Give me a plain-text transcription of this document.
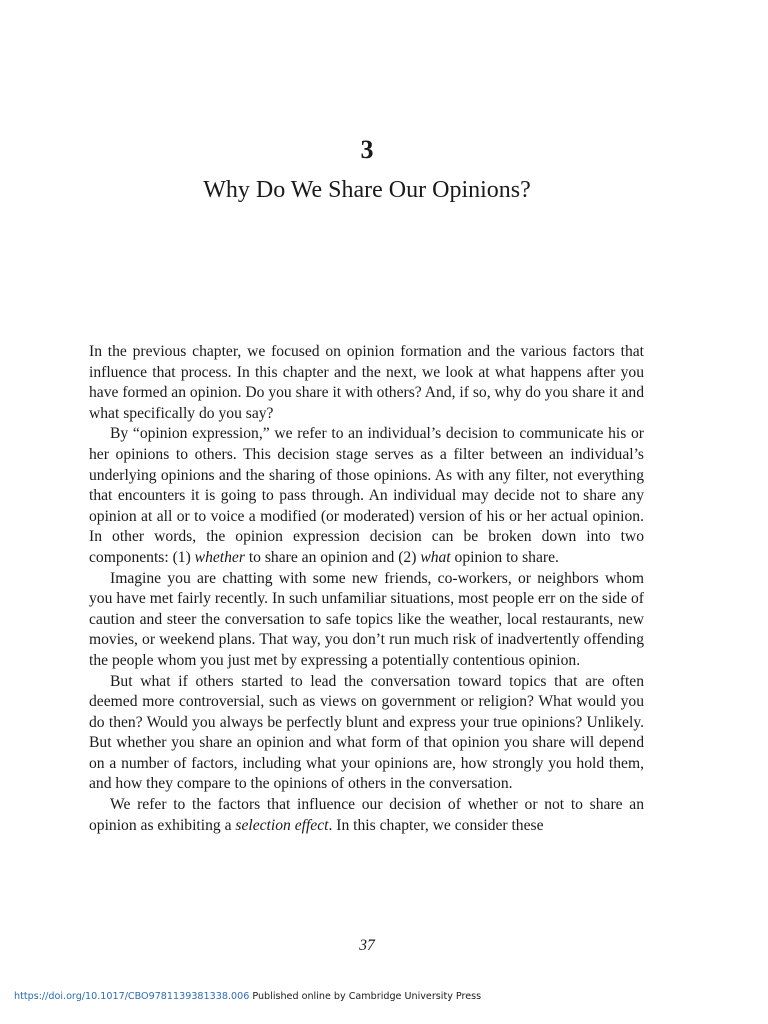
3
Why Do We Share Our Opinions?

In the previous chapter, we focused on opinion formation and the various factors that influence that process. In this chapter and the next, we look at what happens after you have formed an opinion. Do you share it with others? And, if so, why do you share it and what specifically do you say?

By “opinion expression,” we refer to an individual’s decision to communicate his or her opinions to others. This decision stage serves as a filter between an individual’s underlying opinions and the sharing of those opinions. As with any filter, not everything that encounters it is going to pass through. An individual may decide not to share any opinion at all or to voice a modified (or moderated) version of his or her actual opinion. In other words, the opinion expression decision can be broken down into two components: (1) whether to share an opinion and (2) what opinion to share.

Imagine you are chatting with some new friends, co-workers, or neighbors whom you have met fairly recently. In such unfamiliar situations, most people err on the side of caution and steer the conversation to safe topics like the weather, local restaurants, new movies, or weekend plans. That way, you don’t run much risk of inadvertently offending the people whom you just met by expressing a potentially contentious opinion.

But what if others started to lead the conversation toward topics that are often deemed more controversial, such as views on government or religion? What would you do then? Would you always be perfectly blunt and express your true opinions? Unlikely. But whether you share an opinion and what form of that opinion you share will depend on a number of factors, including what your opinions are, how strongly you hold them, and how they compare to the opinions of others in the conversation.

We refer to the factors that influence our decision of whether or not to share an opinion as exhibiting a selection effect. In this chapter, we consider these

37
https://doi.org/10.1017/CBO9781139381338.006 Published online by Cambridge University Press
